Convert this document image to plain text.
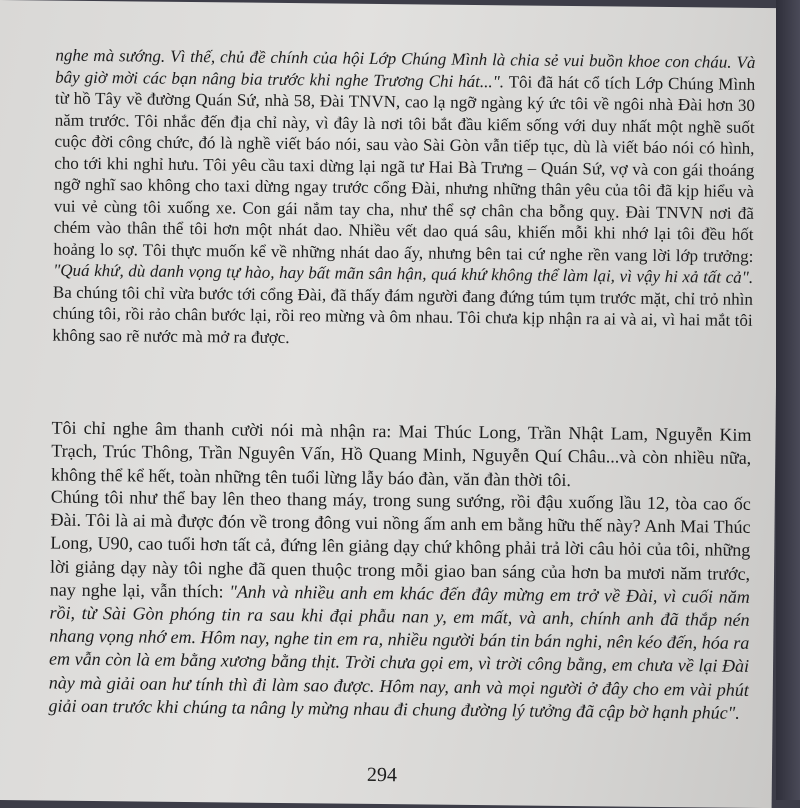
nghe mà sướng. Vì thế, chủ đề chính của hội Lớp Chúng Mình là chia sẻ vui buồn khoe con cháu. Và bây giờ mời các bạn nâng bia trước khi nghe Trương Chi hát...". Tôi đã hát cổ tích Lớp Chúng Mình từ hồ Tây về đường Quán Sứ, nhà 58, Đài TNVN, cao lạ ngỡ ngàng ký ức tôi về ngôi nhà Đài hơn 30 năm trước. Tôi nhắc đến địa chỉ này, vì đây là nơi tôi bắt đầu kiếm sống với duy nhất một nghề suốt cuộc đời công chức, đó là nghề viết báo nói, sau vào Sài Gòn vẫn tiếp tục, dù là viết báo nói có hình, cho tới khi nghỉ hưu. Tôi yêu cầu taxi dừng lại ngã tư Hai Bà Trưng – Quán Sứ, vợ và con gái thoáng ngỡ nghĩ sao không cho taxi dừng ngay trước cổng Đài, nhưng những thân yêu của tôi đã kịp hiểu và vui vẻ cùng tôi xuống xe. Con gái nắm tay cha, như thể sợ chân cha bỗng quỵ. Đài TNVN nơi đã chém vào thân thể tôi hơn một nhát dao. Nhiều vết dao quá sâu, khiến mỗi khi nhớ lại tôi đều hốt hoảng lo sợ. Tôi thực muốn kể về những nhát dao ấy, nhưng bên tai cứ nghe rền vang lời lớp trưởng: "Quá khứ, dù danh vọng tự hào, hay bất mãn sân hận, quá khứ không thể làm lại, vì vậy hi xả tất cả". Ba chúng tôi chỉ vừa bước tới cổng Đài, đã thấy đám người đang đứng túm tụm trước mặt, chỉ trỏ nhìn chúng tôi, rồi rảo chân bước lại, rồi reo mừng và ôm nhau. Tôi chưa kịp nhận ra ai và ai, vì hai mắt tôi không sao rẽ nước mà mở ra được.

Tôi chỉ nghe âm thanh cười nói mà nhận ra: Mai Thúc Long, Trần Nhật Lam, Nguyễn Kim Trạch, Trúc Thông, Trần Nguyên Vấn, Hồ Quang Minh, Nguyễn Quí Châu...và còn nhiều nữa, không thể kể hết, toàn những tên tuổi lừng lẫy báo đàn, văn đàn thời tôi.

Chúng tôi như thể bay lên theo thang máy, trong sung sướng, rồi đậu xuống lầu 12, tòa cao ốc Đài. Tôi là ai mà được đón về trong đông vui nồng ấm anh em bằng hữu thế này? Anh Mai Thúc Long, U90, cao tuổi hơn tất cả, đứng lên giảng dạy chứ không phải trả lời câu hỏi của tôi, những lời giảng dạy này tôi nghe đã quen thuộc trong mỗi giao ban sáng của hơn ba mươi năm trước, nay nghe lại, vẫn thích: "Anh và nhiều anh em khác đến đây mừng em trở về Đài, vì cuối năm rồi, từ Sài Gòn phóng tin ra sau khi đại phẫu nan y, em mất, và anh, chính anh đã thắp nén nhang vọng nhớ em. Hôm nay, nghe tin em ra, nhiều người bán tin bán nghi, nên kéo đến, hóa ra em vẫn còn là em bằng xương bằng thịt. Trời chưa gọi em, vì trời công bằng, em chưa về lại Đài này mà giải oan hư tính thì đi làm sao được. Hôm nay, anh và mọi người ở đây cho em vài phút giải oan trước khi chúng ta nâng ly mừng nhau đi chung đường lý tưởng đã cập bờ hạnh phúc".

294
